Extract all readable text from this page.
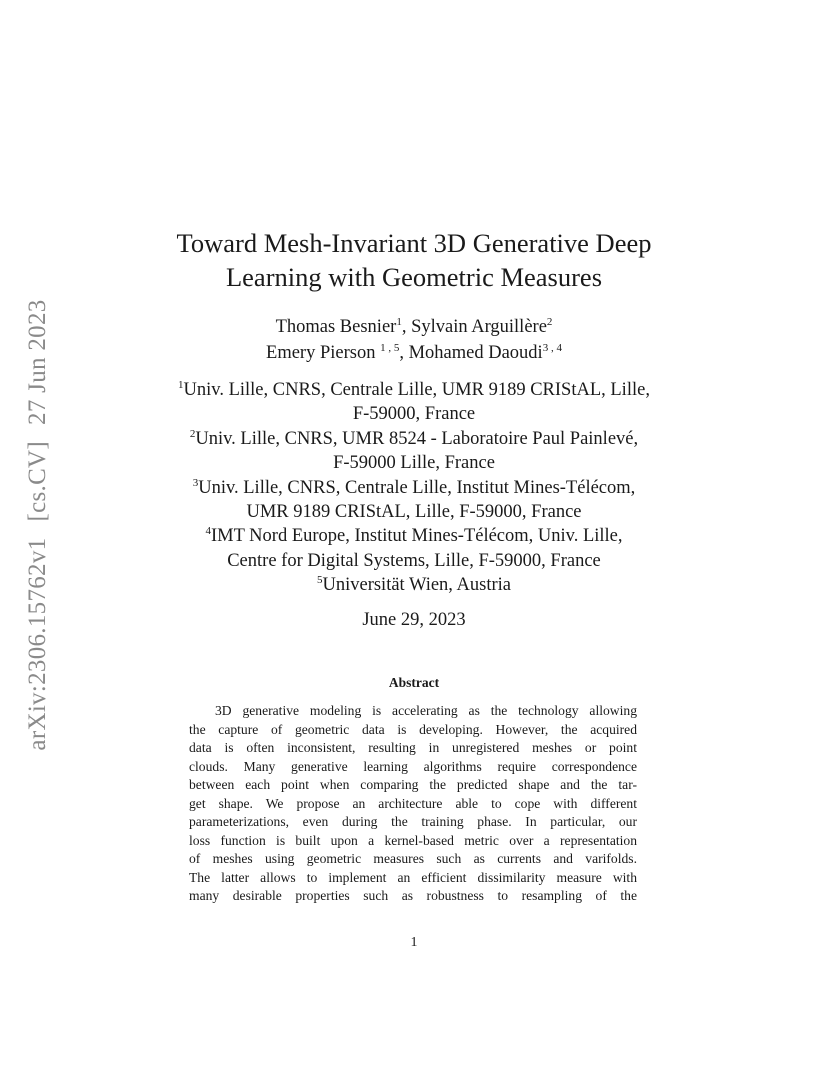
arXiv:2306.15762v1[cs.CV]27 Jun 2023
Toward Mesh-Invariant 3D Generative Deep
Learning with Geometric Measures
Thomas Besnier$^1$, Sylvain Arguillère$^2$
Emery Pierson $^{1 , 5}$, Mohamed Daoudi$^{3 , 4}$
$^1$Univ. Lille, CNRS, Centrale Lille, UMR 9189 CRIStAL, Lille,
F-59000, France
$^2$Univ. Lille, CNRS, UMR 8524 - Laboratoire Paul Painlevé,
F-59000 Lille, France
$^3$Univ. Lille, CNRS, Centrale Lille, Institut Mines-Télécom,
UMR 9189 CRIStAL, Lille, F-59000, France
$^4$IMT Nord Europe, Institut Mines-Télécom, Univ. Lille,
Centre for Digital Systems, Lille, F-59000, France
$^5$Universität Wien, Austria
June 29, 2023
Abstract
3D generative modeling is accelerating as the technology allowing
the capture of geometric data is developing. However, the acquired
data is often inconsistent, resulting in unregistered meshes or point
clouds. Many generative learning algorithms require correspondence
between each point when comparing the predicted shape and the tar-
get shape. We propose an architecture able to cope with different
parameterizations, even during the training phase. In particular, our
loss function is built upon a kernel-based metric over a representation
of meshes using geometric measures such as currents and varifolds.
The latter allows to implement an efficient dissimilarity measure with
many desirable properties such as robustness to resampling of the
1
